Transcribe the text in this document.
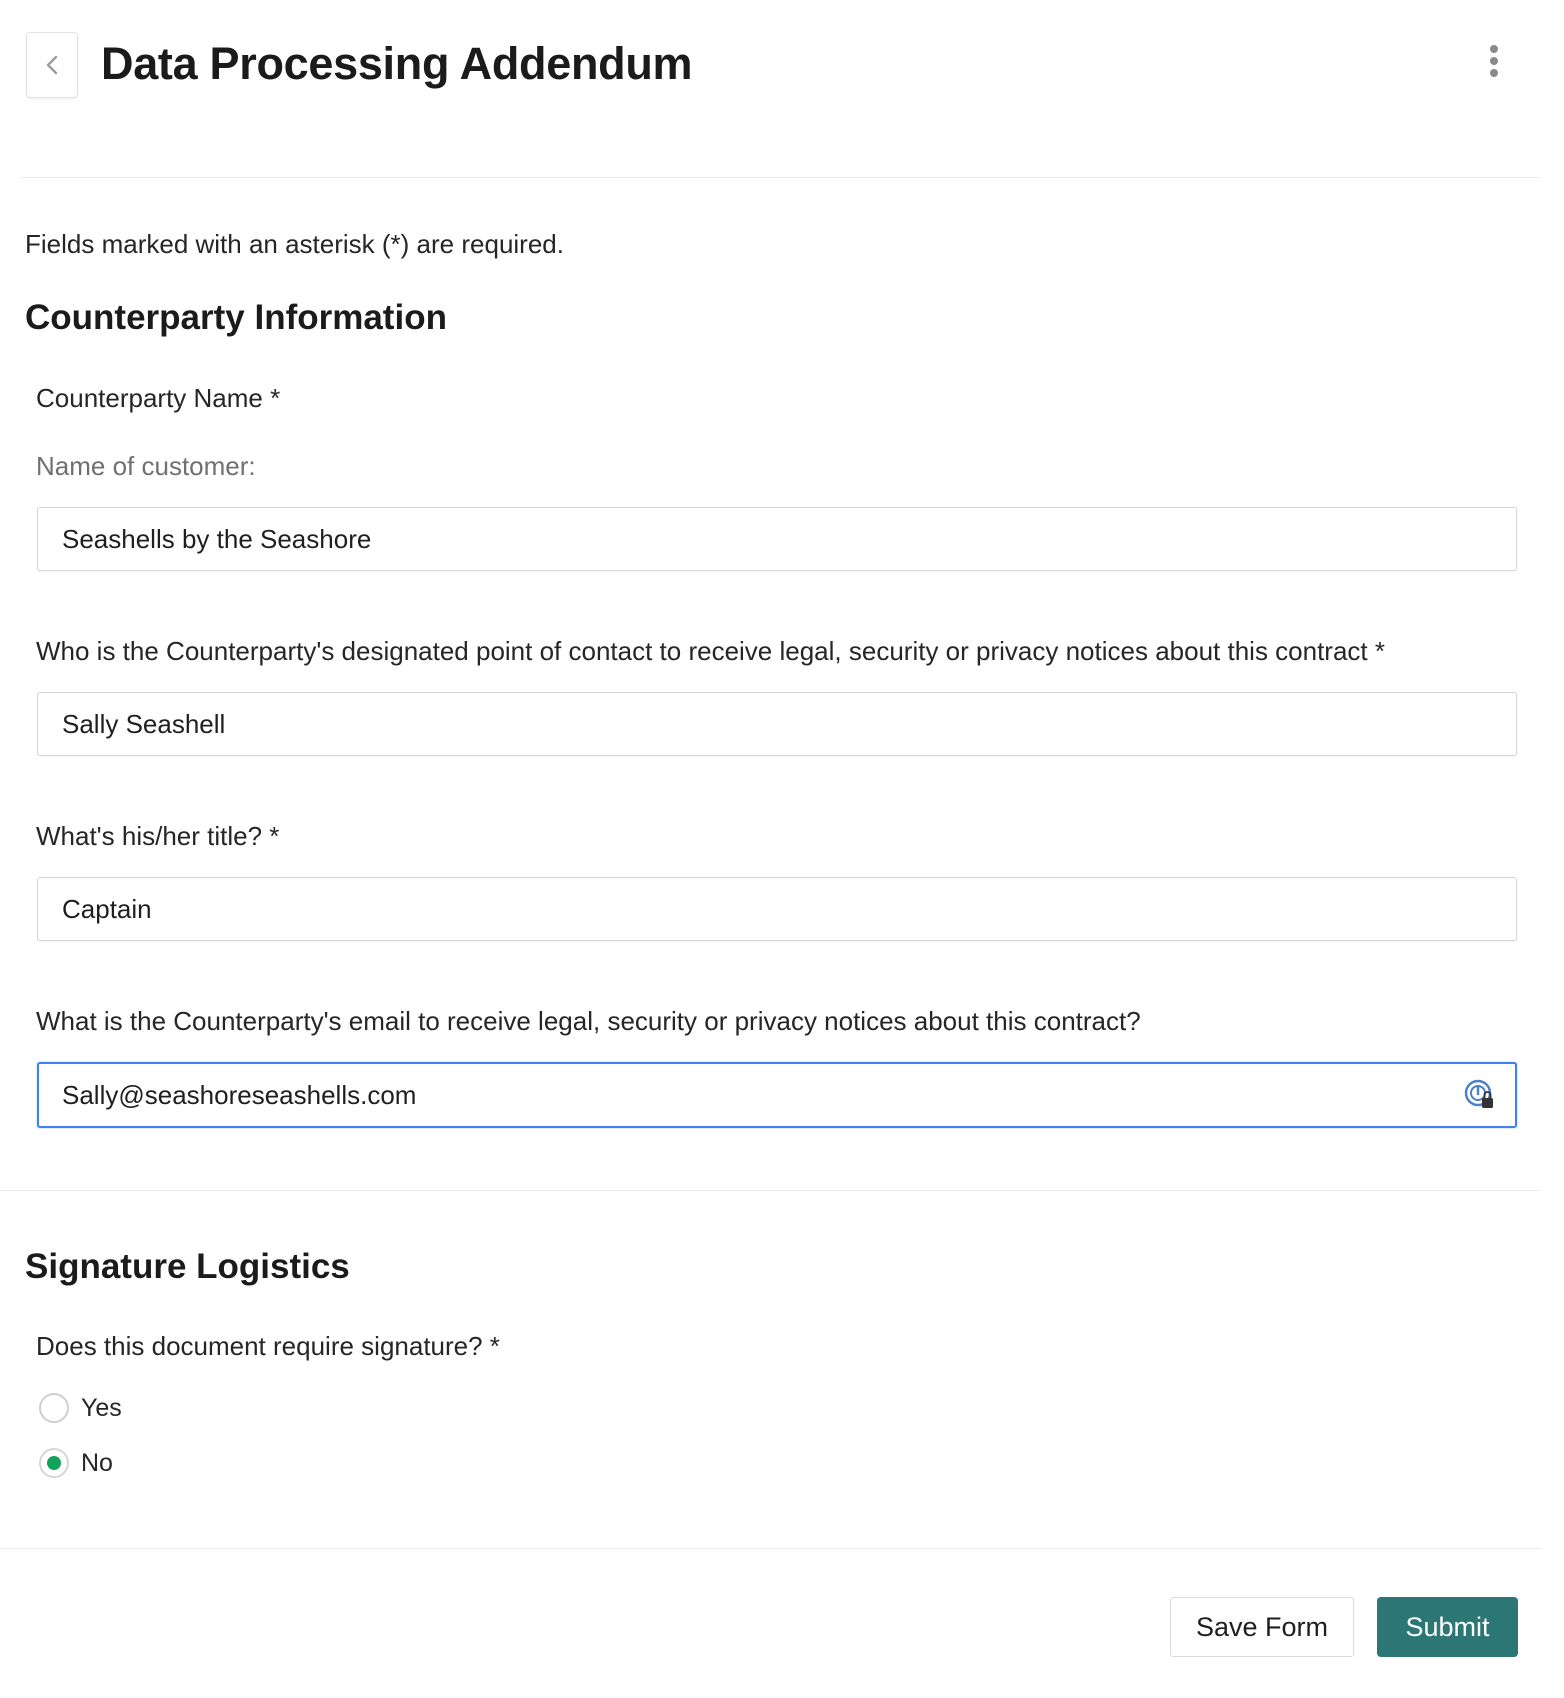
Data Processing Addendum
Fields marked with an asterisk (*) are required.
Counterparty Information
Counterparty Name *
Name of customer:
Seashells by the Seashore
Who is the Counterparty's designated point of contact to receive legal, security or privacy notices about this contract *
Sally Seashell
What's his/her title? *
Captain
What is the Counterparty's email to receive legal, security or privacy notices about this contract?
Sally@seashoreseashells.com
Signature Logistics
Does this document require signature? *
Yes
No
Save Form	Submit
